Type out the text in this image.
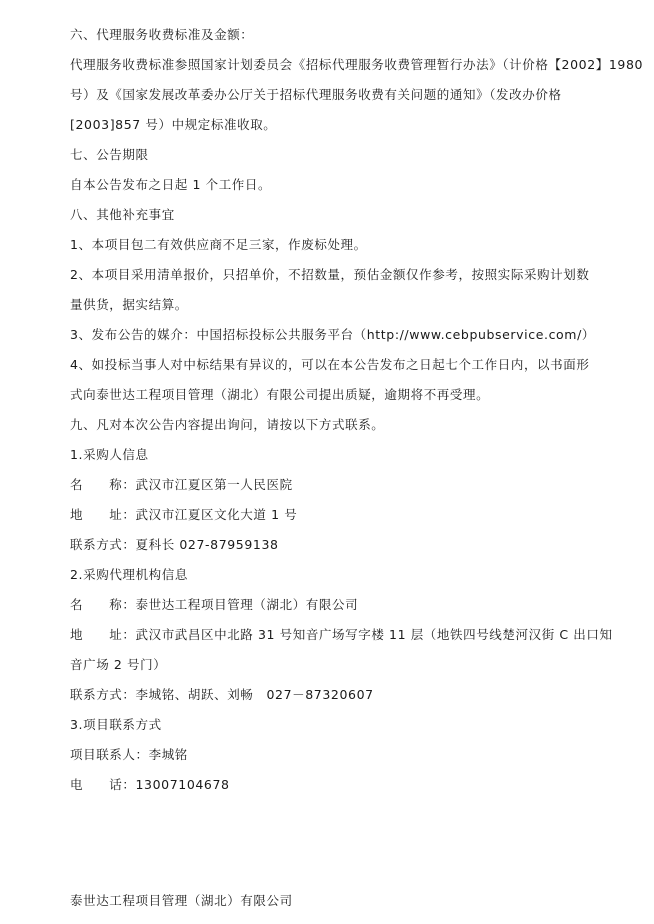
六、代理服务收费标准及金额：
代理服务收费标准参照国家计划委员会《招标代理服务收费管理暂行办法》（计价格【2002】1980
号）及《国家发展改革委办公厅关于招标代理服务收费有关问题的通知》（发改办价格
[2003]857 号）中规定标准收取。
七、公告期限
自本公告发布之日起 1 个工作日。
八、其他补充事宜
1、本项目包二有效供应商不足三家，作废标处理。
2、本项目采用清单报价，只招单价，不招数量，预估金额仅作参考，按照实际采购计划数
量供货，据实结算。
3、发布公告的媒介：中国招标投标公共服务平台（http://www.cebpubservice.com/）
4、如投标当事人对中标结果有异议的，可以在本公告发布之日起七个工作日内，以书面形
式向泰世达工程项目管理（湖北）有限公司提出质疑，逾期将不再受理。
九、凡对本次公告内容提出询问，请按以下方式联系。
1.采购人信息
名　　称：武汉市江夏区第一人民医院
地　　址：武汉市江夏区文化大道 1 号
联系方式：夏科长 027-87959138
2.采购代理机构信息
名　　称：泰世达工程项目管理（湖北）有限公司
地　　址：武汉市武昌区中北路 31 号知音广场写字楼 11 层（地铁四号线楚河汉街 C 出口知
音广场 2 号门）
联系方式：李城铭、胡跃、刘畅　027－87320607
3.项目联系方式
项目联系人：李城铭
电　　话：13007104678
泰世达工程项目管理（湖北）有限公司
